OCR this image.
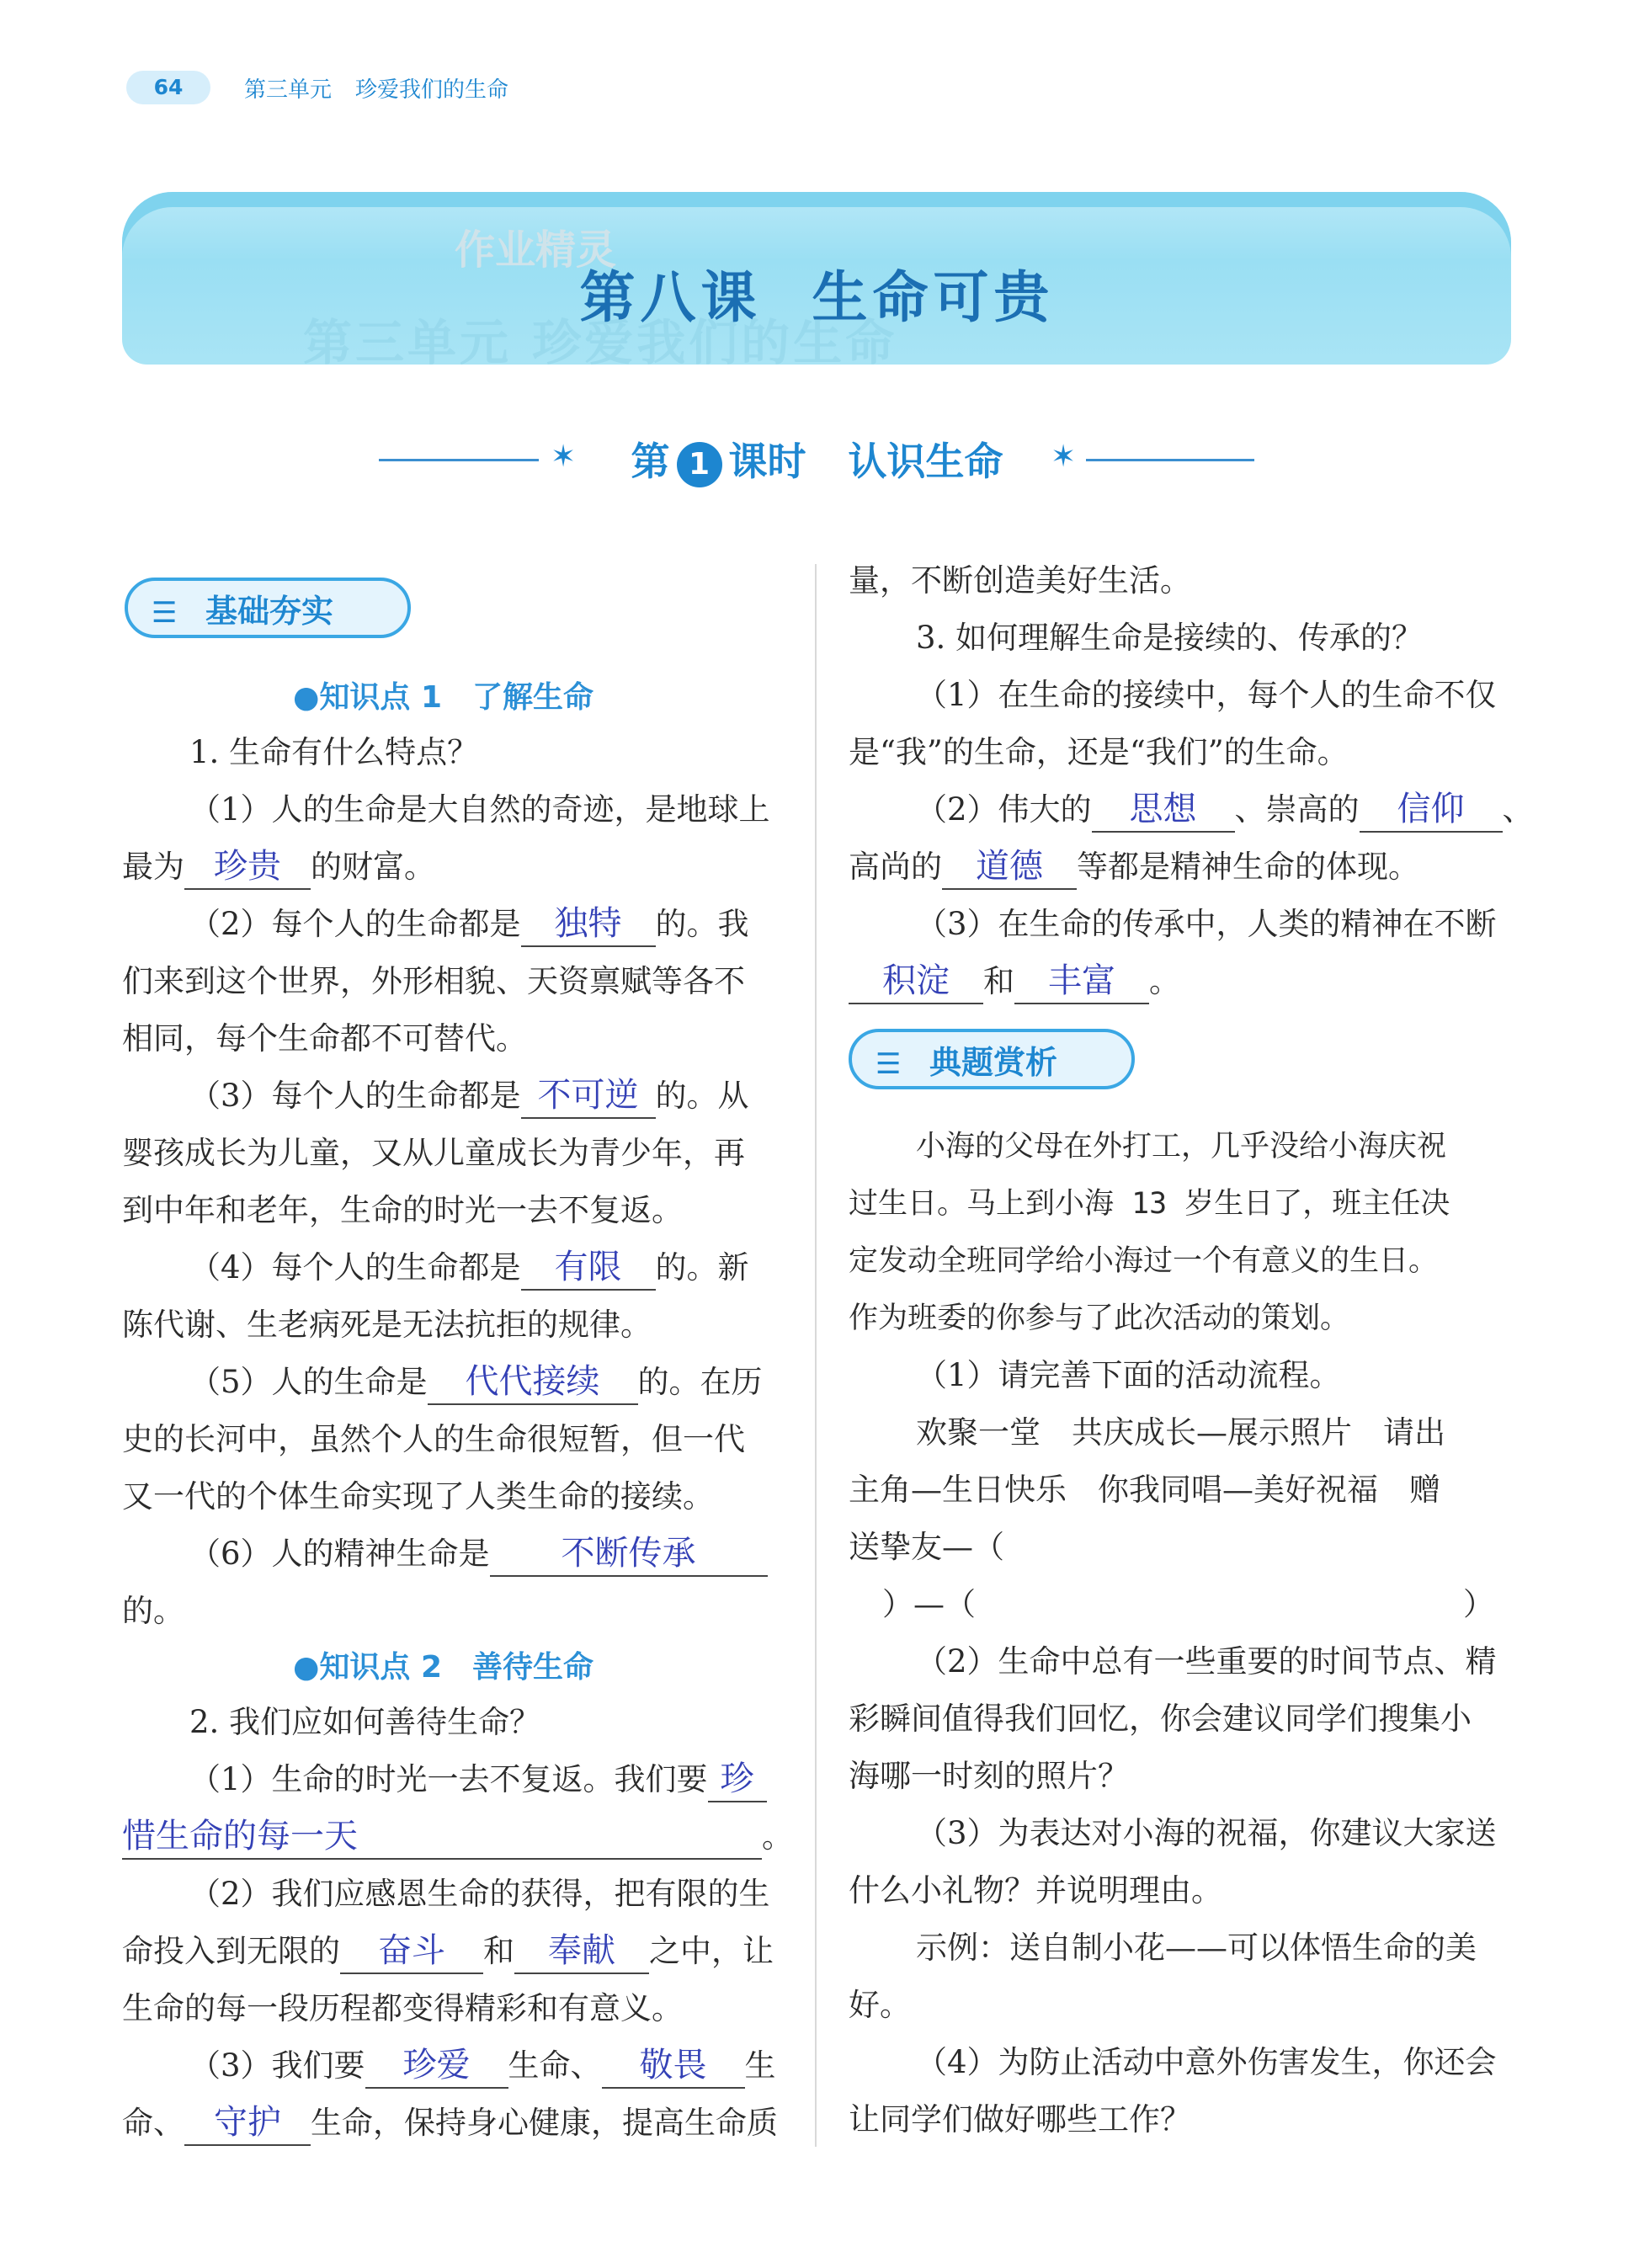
64	第三单元 珍爱我们的生命
第三单元 珍爱我们的生命
作业精灵
第八课 生命可贵
✶	第 1 课时 认识生命	✶
☰ 基础夯实
●知识点 1　 了解生命
1. 生命有什么特点？
（1）人的生命是大自然的奇迹，是地球上
最为 珍贵 的财富。
（2）每个人的生命都是 独特 的。我
们来到这个世界，外形相貌、天资禀赋等各不
相同，每个生命都不可替代。
（3）每个人的生命都是 不可逆 的。从
婴孩成长为儿童，又从儿童成长为青少年，再
到中年和老年，生命的时光一去不复返。
（4）每个人的生命都是 有限 的。新
陈代谢、生老病死是无法抗拒的规律。
（5）人的生命是 代代接续 的。在历
史的长河中，虽然个人的生命很短暂，但一代
又一代的个体生命实现了人类生命的接续。
（6）人的精神生命是 不断传承
的。
●知识点 2　 善待生命
2. 我们应如何善待生命？
（1）生命的时光一去不复返。我们要 珍
惜生命的每一天	。
（2）我们应感恩生命的获得，把有限的生
命投入到无限的 奋斗 和 奉献 之中，让
生命的每一段历程都变得精彩和有意义。
（3）我们要 珍爱 生命、 敬畏 生
命、 守护 生命，保持身心健康，提高生命质
量，不断创造美好生活。
3. 如何理解生命是接续的、传承的？
（1）在生命的接续中，每个人的生命不仅
是“我”的生命，还是“我们”的生命。
（2）伟大的 思想 、崇高的 信仰 、
高尚的 道德 等都是精神生命的体现。
（3）在生命的传承中，人类的精神在不断
积淀 和 丰富 。
☰ 典题赏析
小海的父母在外打工，几乎没给小海庆祝
过生日。马上到小海 13 岁生日了，班主任决
定发动全班同学给小海过一个有意义的生日。
作为班委的你参与了此次活动的策划。
（1）请完善下面的活动流程。
欢聚一堂　共庆成长—展示照片　请出
主角—生日快乐　你我同唱—美好祝福　赠
送挚友—（
）—（	）
（2）生命中总有一些重要的时间节点、精
彩瞬间值得我们回忆，你会建议同学们搜集小
海哪一时刻的照片？
（3）为表达对小海的祝福，你建议大家送
什么小礼物？并说明理由。
示例：送自制小花——可以体悟生命的美
好。
（4）为防止活动中意外伤害发生，你还会
让同学们做好哪些工作？
